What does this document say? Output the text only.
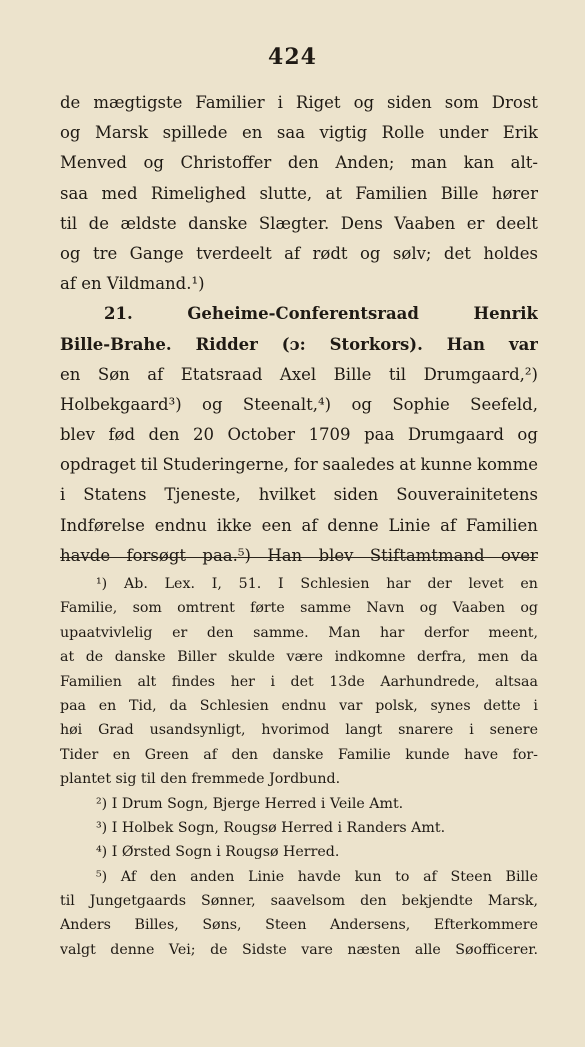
424
de mægtigste Familier i Riget og siden som Drost
og Marsk spillede en saa vigtig Rolle under Erik
Menved og Christoffer den Anden; man kan alt-
saa med Rimelighed slutte, at Familien Bille hører
til de ældste danske Slægter. Dens Vaaben er deelt
og tre Gange tverdeelt af rødt og sølv; det holdes
af en Vildmand.¹)
21.	Geheime-Conferentsraad	Henrik
Bille-Brahe. Ridder (ɔ: Storkors). Han var
en Søn af Etatsraad Axel Bille til Drumgaard,²)
Holbekgaard³) og Steenalt,⁴) og Sophie Seefeld,
blev fød den 20 October 1709 paa Drumgaard og
opdraget til Studeringerne, for saaledes at kunne komme
i Statens Tjeneste, hvilket siden Souverainitetens
Indførelse endnu ikke een af denne Linie af Familien
havde forsøgt paa.⁵) Han blev Stiftamtmand over
¹) Ab. Lex. I, 51. I Schlesien har der levet en
Familie, som omtrent førte samme Navn og Vaaben og
upaatvivlelig er den samme. Man har derfor meent,
at de danske Biller skulde være indkomne derfra, men da
Familien alt findes her i det 13de Aarhundrede, altsaa
paa en Tid, da Schlesien endnu var polsk, synes dette i
høi Grad usandsynligt, hvorimod langt snarere i senere
Tider en Green af den danske Familie kunde have for-
plantet sig til den fremmede Jordbund.
²) I Drum Sogn, Bjerge Herred i Veile Amt.
³) I Holbek Sogn, Rougsø Herred i Randers Amt.
⁴) I Ørsted Sogn i Rougsø Herred.
⁵) Af den anden Linie havde kun to af Steen Bille
til Jungetgaards Sønner, saavelsom den bekjendte Marsk,
Anders Billes, Søns, Steen Andersens, Efterkommere
valgt denne Vei; de Sidste vare næsten alle Søofficerer.
